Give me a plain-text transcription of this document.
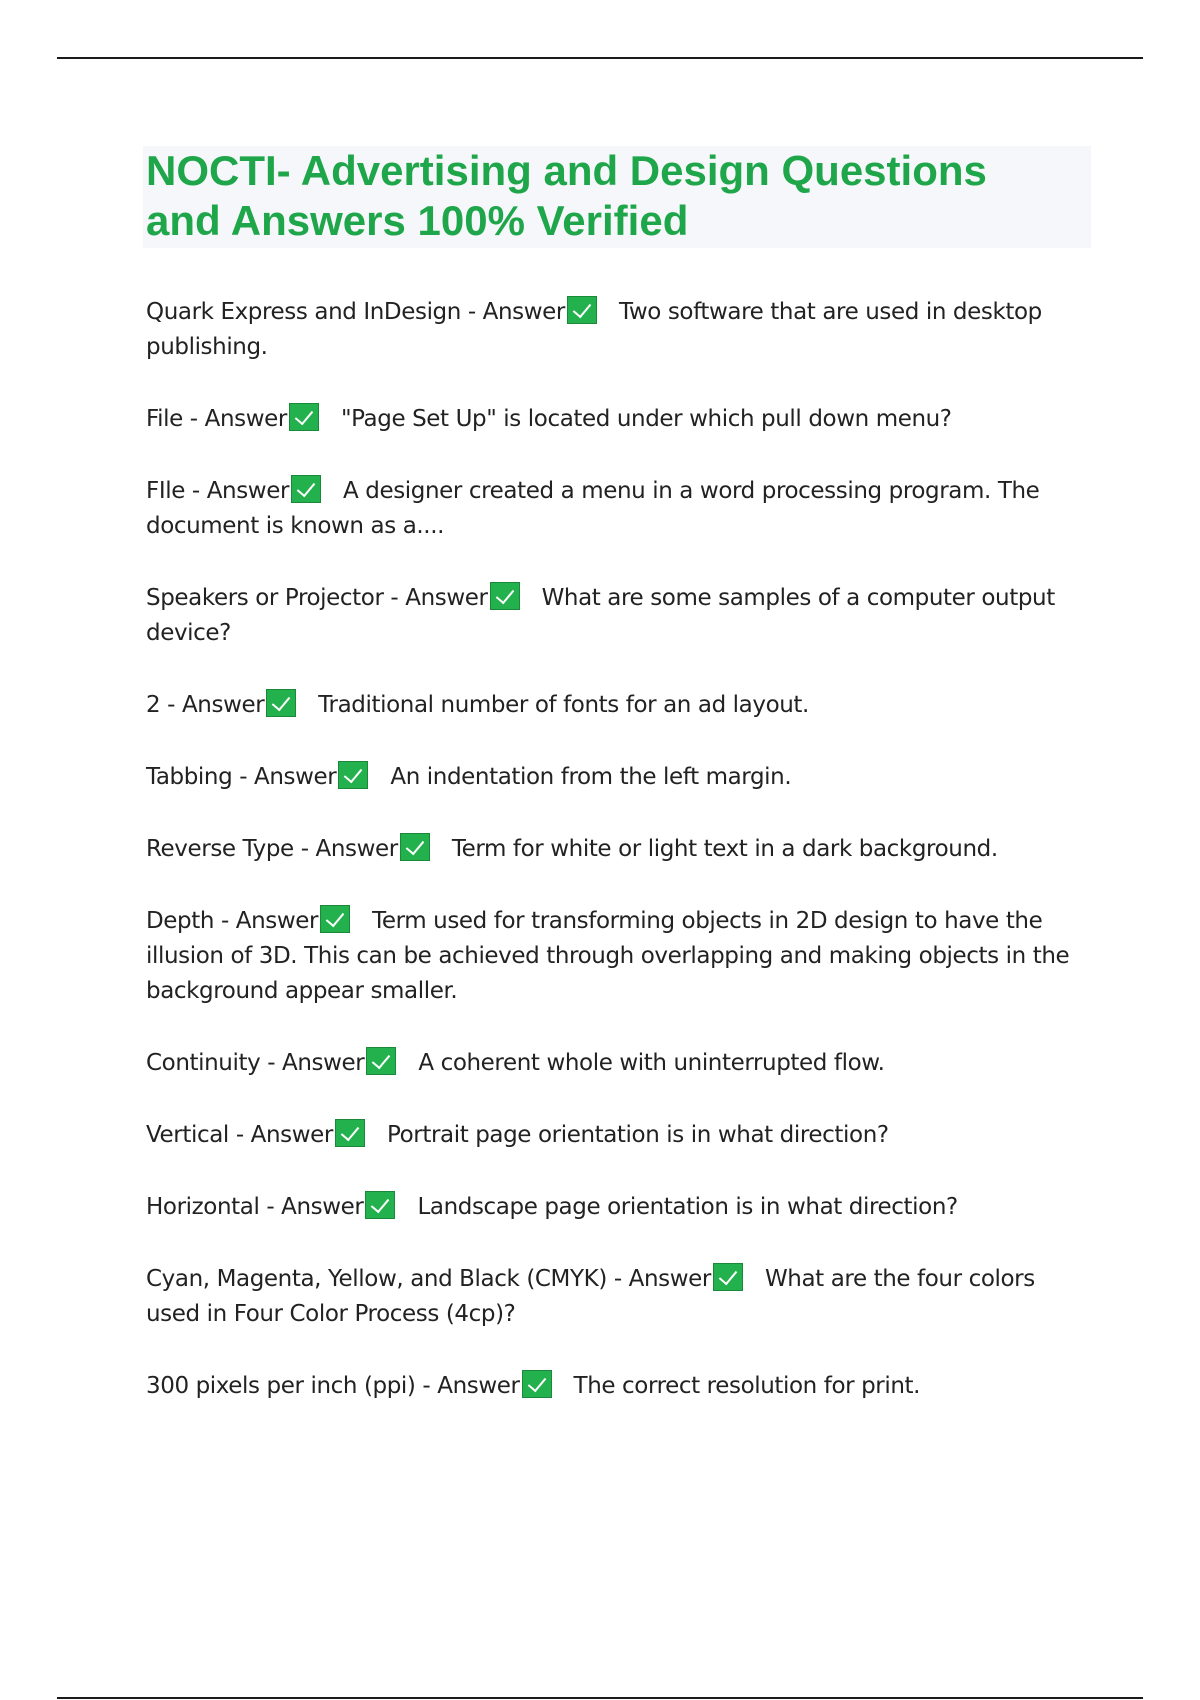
NOCTI- Advertising and Design Questions
and Answers 100% Verified

Quark Express and InDesign - Answer Two software that are used in desktop publishing.

File - Answer "Page Set Up" is located under which pull down menu?

FIle - Answer A designer created a menu in a word processing program. The document is known as a....

Speakers or Projector - Answer What are some samples of a computer output device?

2 - Answer Traditional number of fonts for an ad layout.

Tabbing - Answer An indentation from the left margin.

Reverse Type - Answer Term for white or light text in a dark background.

Depth - Answer Term used for transforming objects in 2D design to have the illusion of 3D. This can be achieved through overlapping and making objects in the background appear smaller.

Continuity - Answer A coherent whole with uninterrupted flow.

Vertical - Answer Portrait page orientation is in what direction?

Horizontal - Answer Landscape page orientation is in what direction?

Cyan, Magenta, Yellow, and Black (CMYK) - Answer What are the four colors used in Four Color Process (4cp)?

300 pixels per inch (ppi) - Answer The correct resolution for print.
